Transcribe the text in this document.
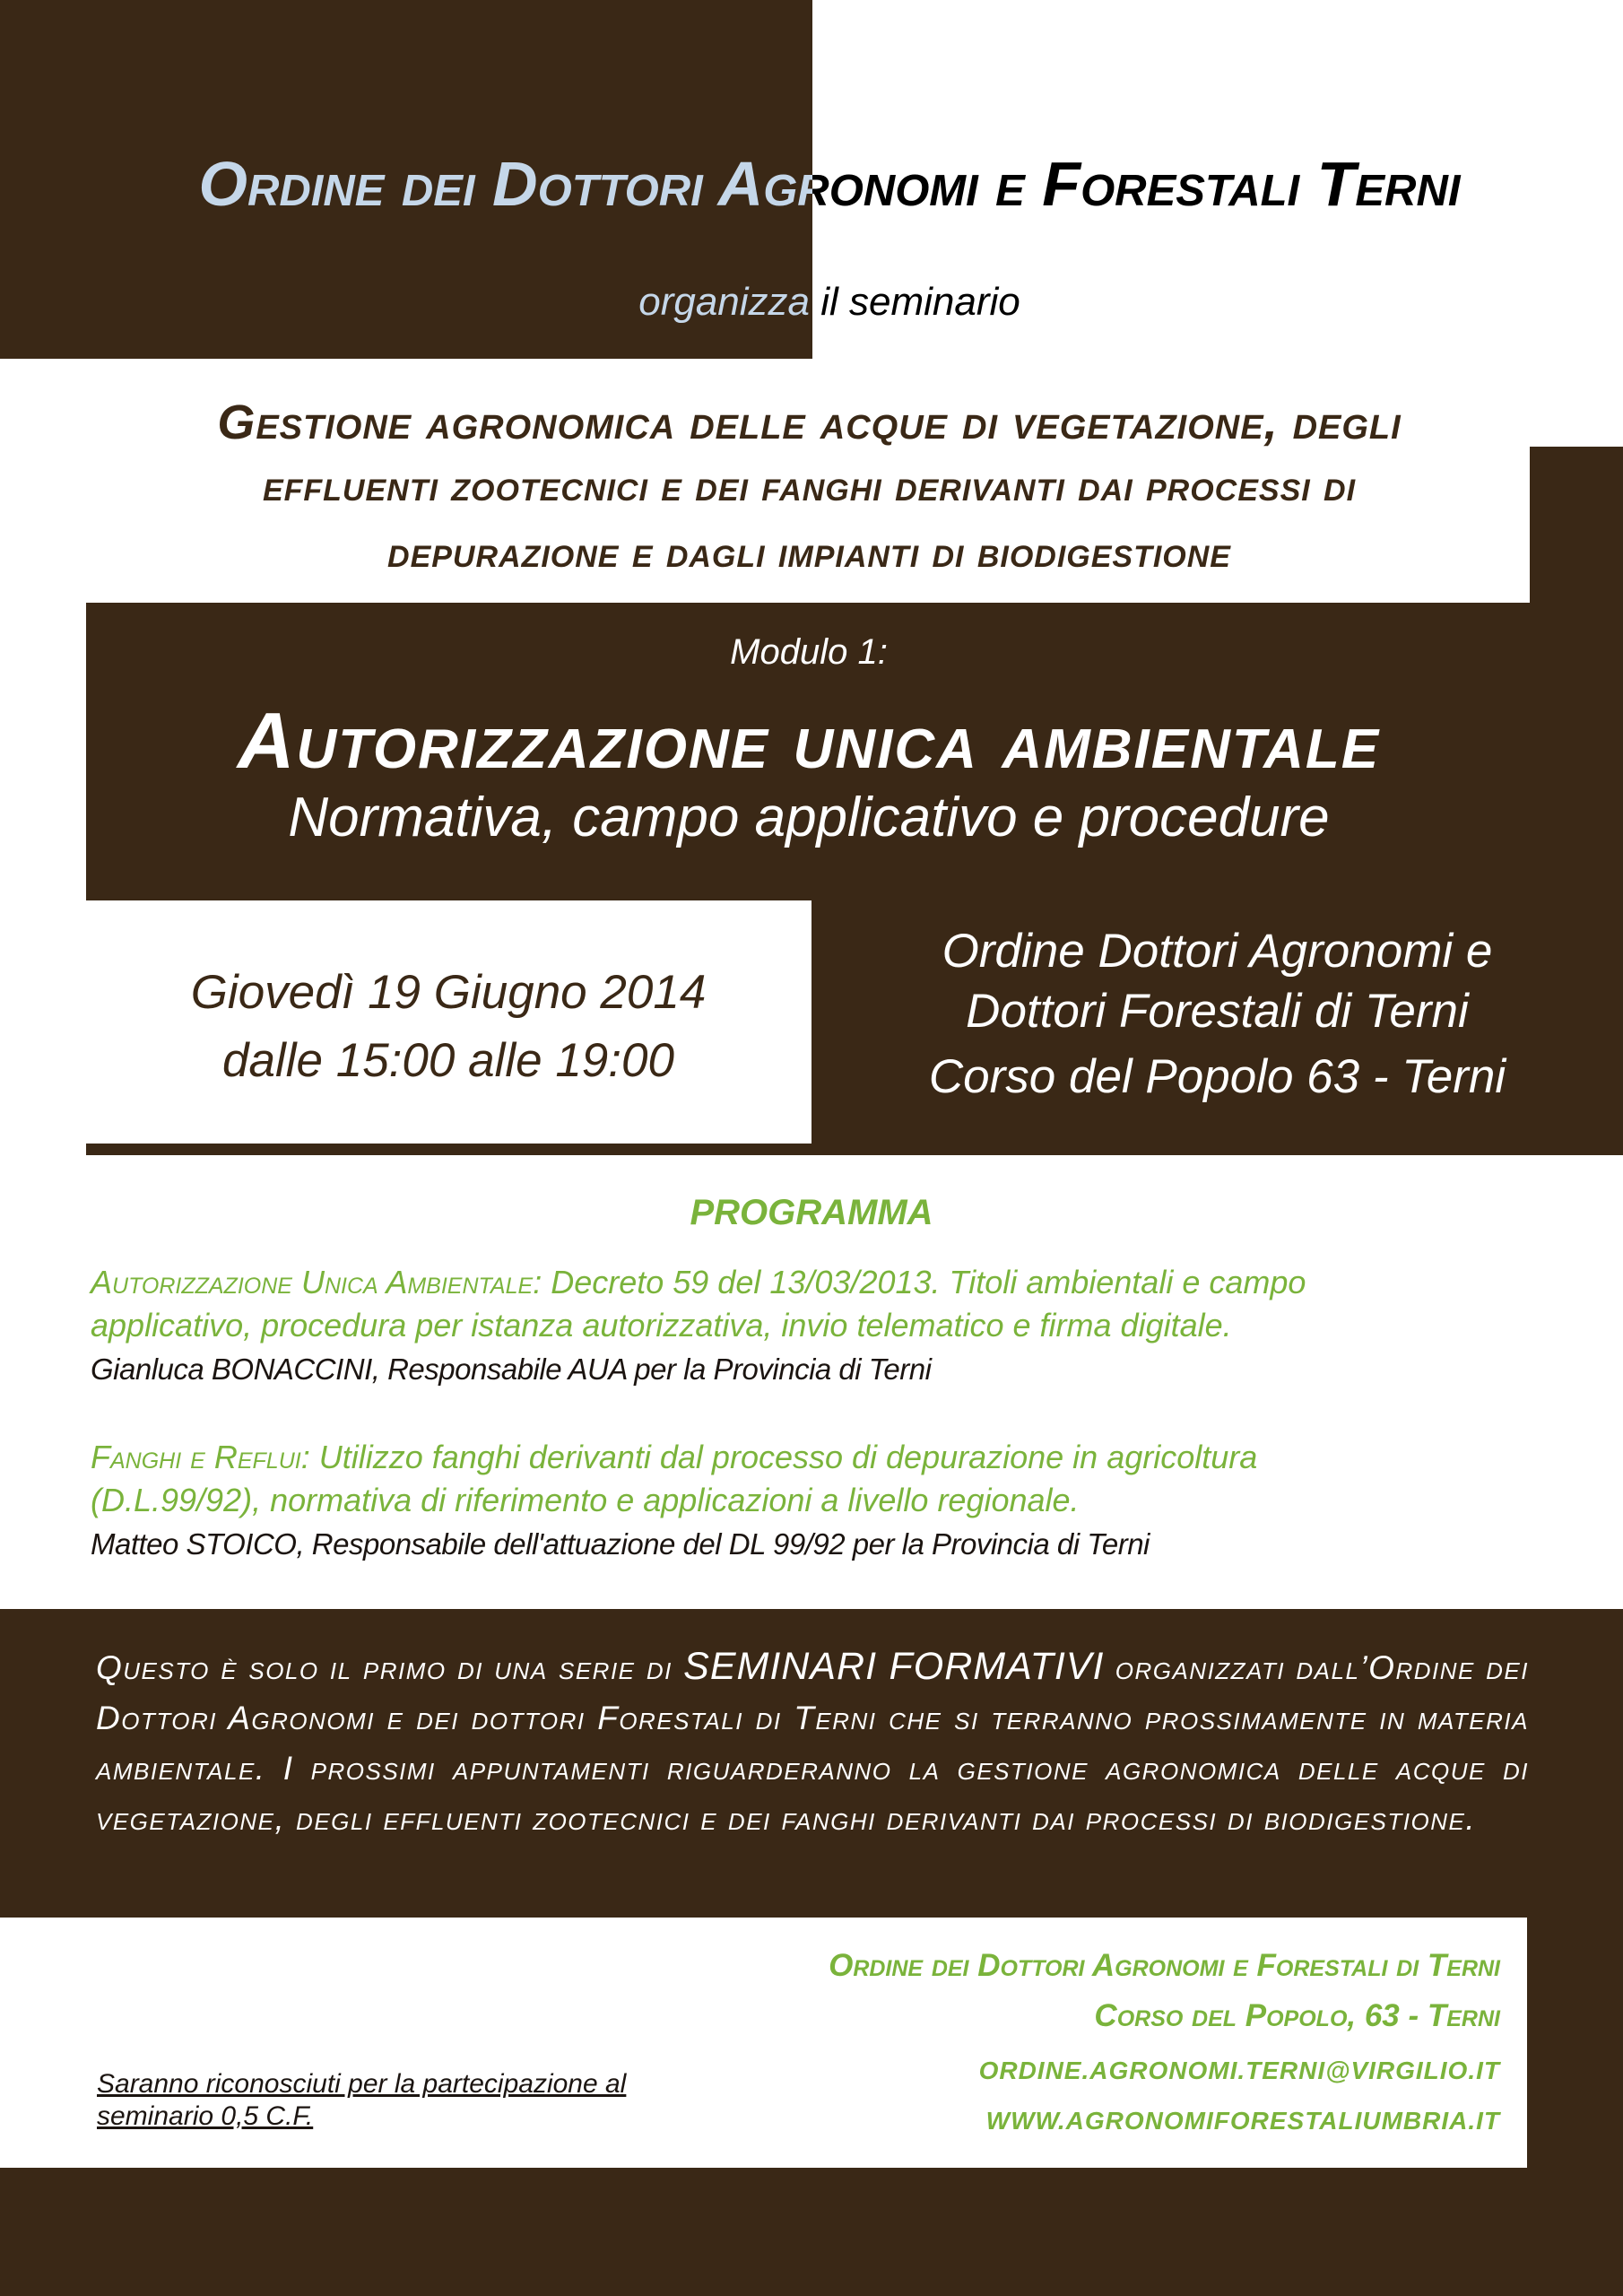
Ordine dei Dottori Agronomi e Forestali Terni

organizza il seminario

Gestione agronomica delle acque di vegetazione, degli

effluenti zootecnici e dei fanghi derivanti dai processi di

depurazione e dagli impianti di biodigestione

Modulo 1:

Autorizzazione unica ambientale

Normativa, campo applicativo e procedure

Giovedì 19 Giugno 2014

dalle 15:00 alle 19:00

Ordine Dottori Agronomi e

Dottori Forestali di Terni

Corso del Popolo 63 - Terni

PROGRAMMA

Autorizzazione Unica Ambientale: Decreto 59 del 13/03/2013. Titoli ambientali e campo

applicativo, procedura per istanza autorizzativa, invio telematico e firma digitale.

Gianluca BONACCINI, Responsabile AUA per la Provincia di Terni

Fanghi e Reflui: Utilizzo fanghi derivanti dal processo di depurazione in agricoltura

(D.L.99/92), normativa di riferimento e applicazioni a livello regionale.

Matteo STOICO, Responsabile dell'attuazione del DL 99/92 per la Provincia di Terni

Questo è solo il primo di una serie di SEMINARI FORMATIVI organizzati dall’Ordine dei Dottori Agronomi e dei dottori Forestali di Terni che si terranno prossimamente in materia ambientale. I prossimi appuntamenti riguarderanno la gestione agronomica delle acque di vegetazione, degli effluenti zootecnici e dei fanghi derivanti dai processi di biodigestione.

Ordine dei Dottori Agronomi e Forestali di Terni

Corso del Popolo, 63 - Terni

ORDINE.AGRONOMI.TERNI@VIRGILIO.IT

WWW.AGRONOMIFORESTALIUMBRIA.IT

Saranno riconosciuti per la partecipazione al
seminario 0,5 C.F.
